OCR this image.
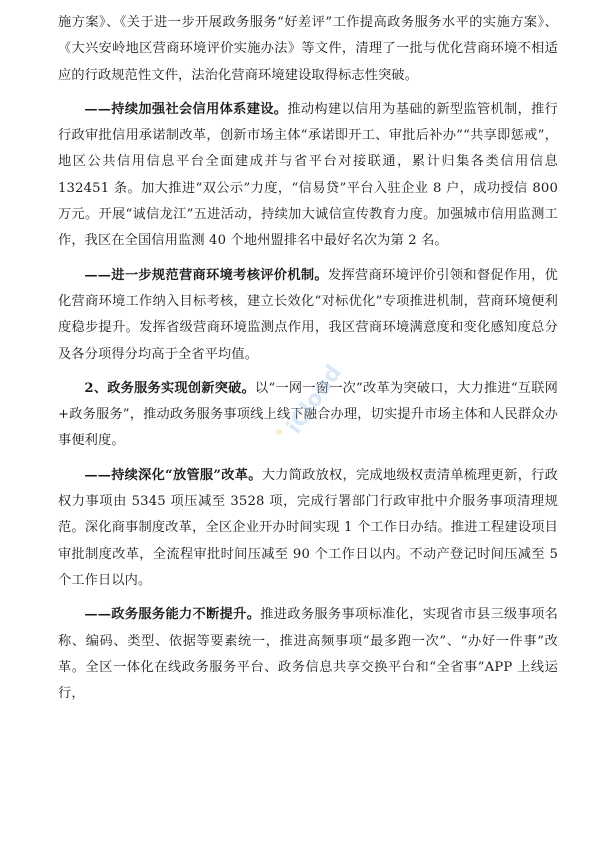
施方案》、《关于进一步开展政务服务“好差评”工作提高政务服务水平的实施方案》、《大兴安岭地区营商环境评价实施办法》等文件，清理了一批与优化营商环境不相适应的行政规范性文件，法治化营商环境建设取得标志性突破。

——持续加强社会信用体系建设。推动构建以信用为基础的新型监管机制，推行行政审批信用承诺制改革，创新市场主体“承诺即开工、审批后补办”“共享即惩戒”，地区公共信用信息平台全面建成并与省平台对接联通，累计归集各类信用信息 132451 条。加大推进“双公示”力度，“信易贷”平台入驻企业 8 户，成功授信 800 万元。开展“诚信龙江”五进活动，持续加大诚信宣传教育力度。加强城市信用监测工作，我区在全国信用监测 40 个地州盟排名中最好名次为第 2 名。

——进一步规范营商环境考核评价机制。发挥营商环境评价引领和督促作用，优化营商环境工作纳入目标考核，建立长效化“对标优化”专项推进机制，营商环境便利度稳步提升。发挥省级营商环境监测点作用，我区营商环境满意度和变化感知度总分及各分项得分均高于全省平均值。

2、政务服务实现创新突破。以“一网一窗一次”改革为突破口，大力推进“互联网+政务服务”，推动政务服务事项线上线下融合办理，切实提升市场主体和人民群众办事便利度。

——持续深化“放管服”改革。大力简政放权，完成地级权责清单梳理更新，行政权力事项由 5345 项压减至 3528 项，完成行署部门行政审批中介服务事项清理规范。深化商事制度改革，全区企业开办时间实现 1 个工作日办结。推进工程建设项目审批制度改革，全流程审批时间压减至 90 个工作日以内。不动产登记时间压减至 5 个工作日以内。

——政务服务能力不断提升。推进政务服务事项标准化，实现省市县三级事项名称、编码、类型、依据等要素统一，推进高频事项“最多跑一次”、“办好一件事”改革。全区一体化在线政务服务平台、政务信息共享交换平台和“全省事”APP 上线运行，

iCloud
